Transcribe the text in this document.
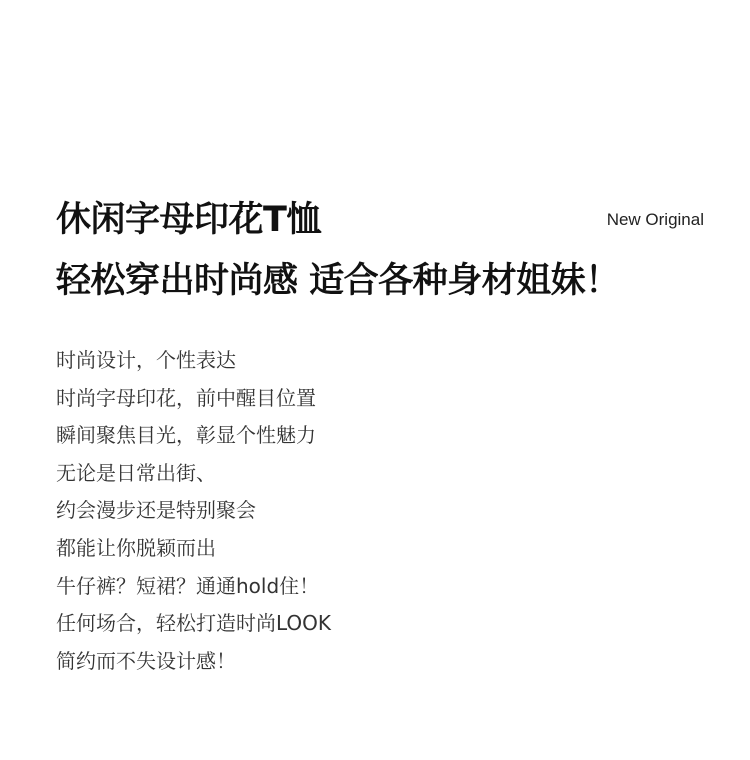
休闲字母印花T恤
轻松穿出时尚感 适合各种身材姐妹！
New Original
时尚设计，个性表达
时尚字母印花，前中醒目位置
瞬间聚焦目光，彰显个性魅力
无论是日常出街、
约会漫步还是特别聚会
都能让你脱颖而出
牛仔裤？短裙？通通hold住！
任何场合，轻松打造时尚LOOK
简约而不失设计感！
